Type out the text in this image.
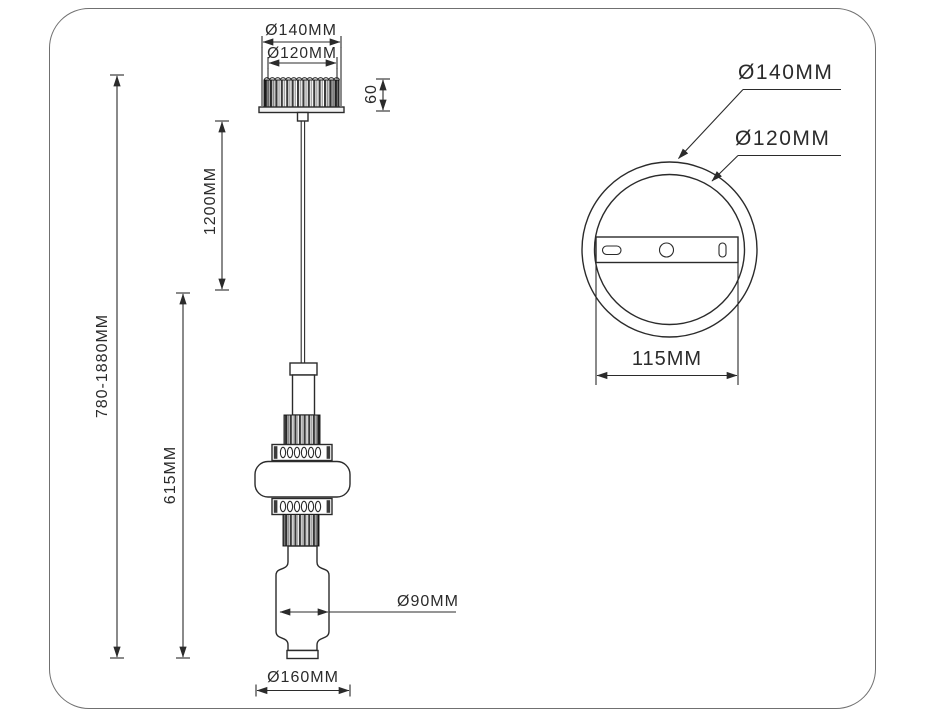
Ø140MM
Ø120MM
60
1200MM
780-1880MM
615MM
Ø90MM
Ø160MM
Ø140MM
Ø120MM
115MM
